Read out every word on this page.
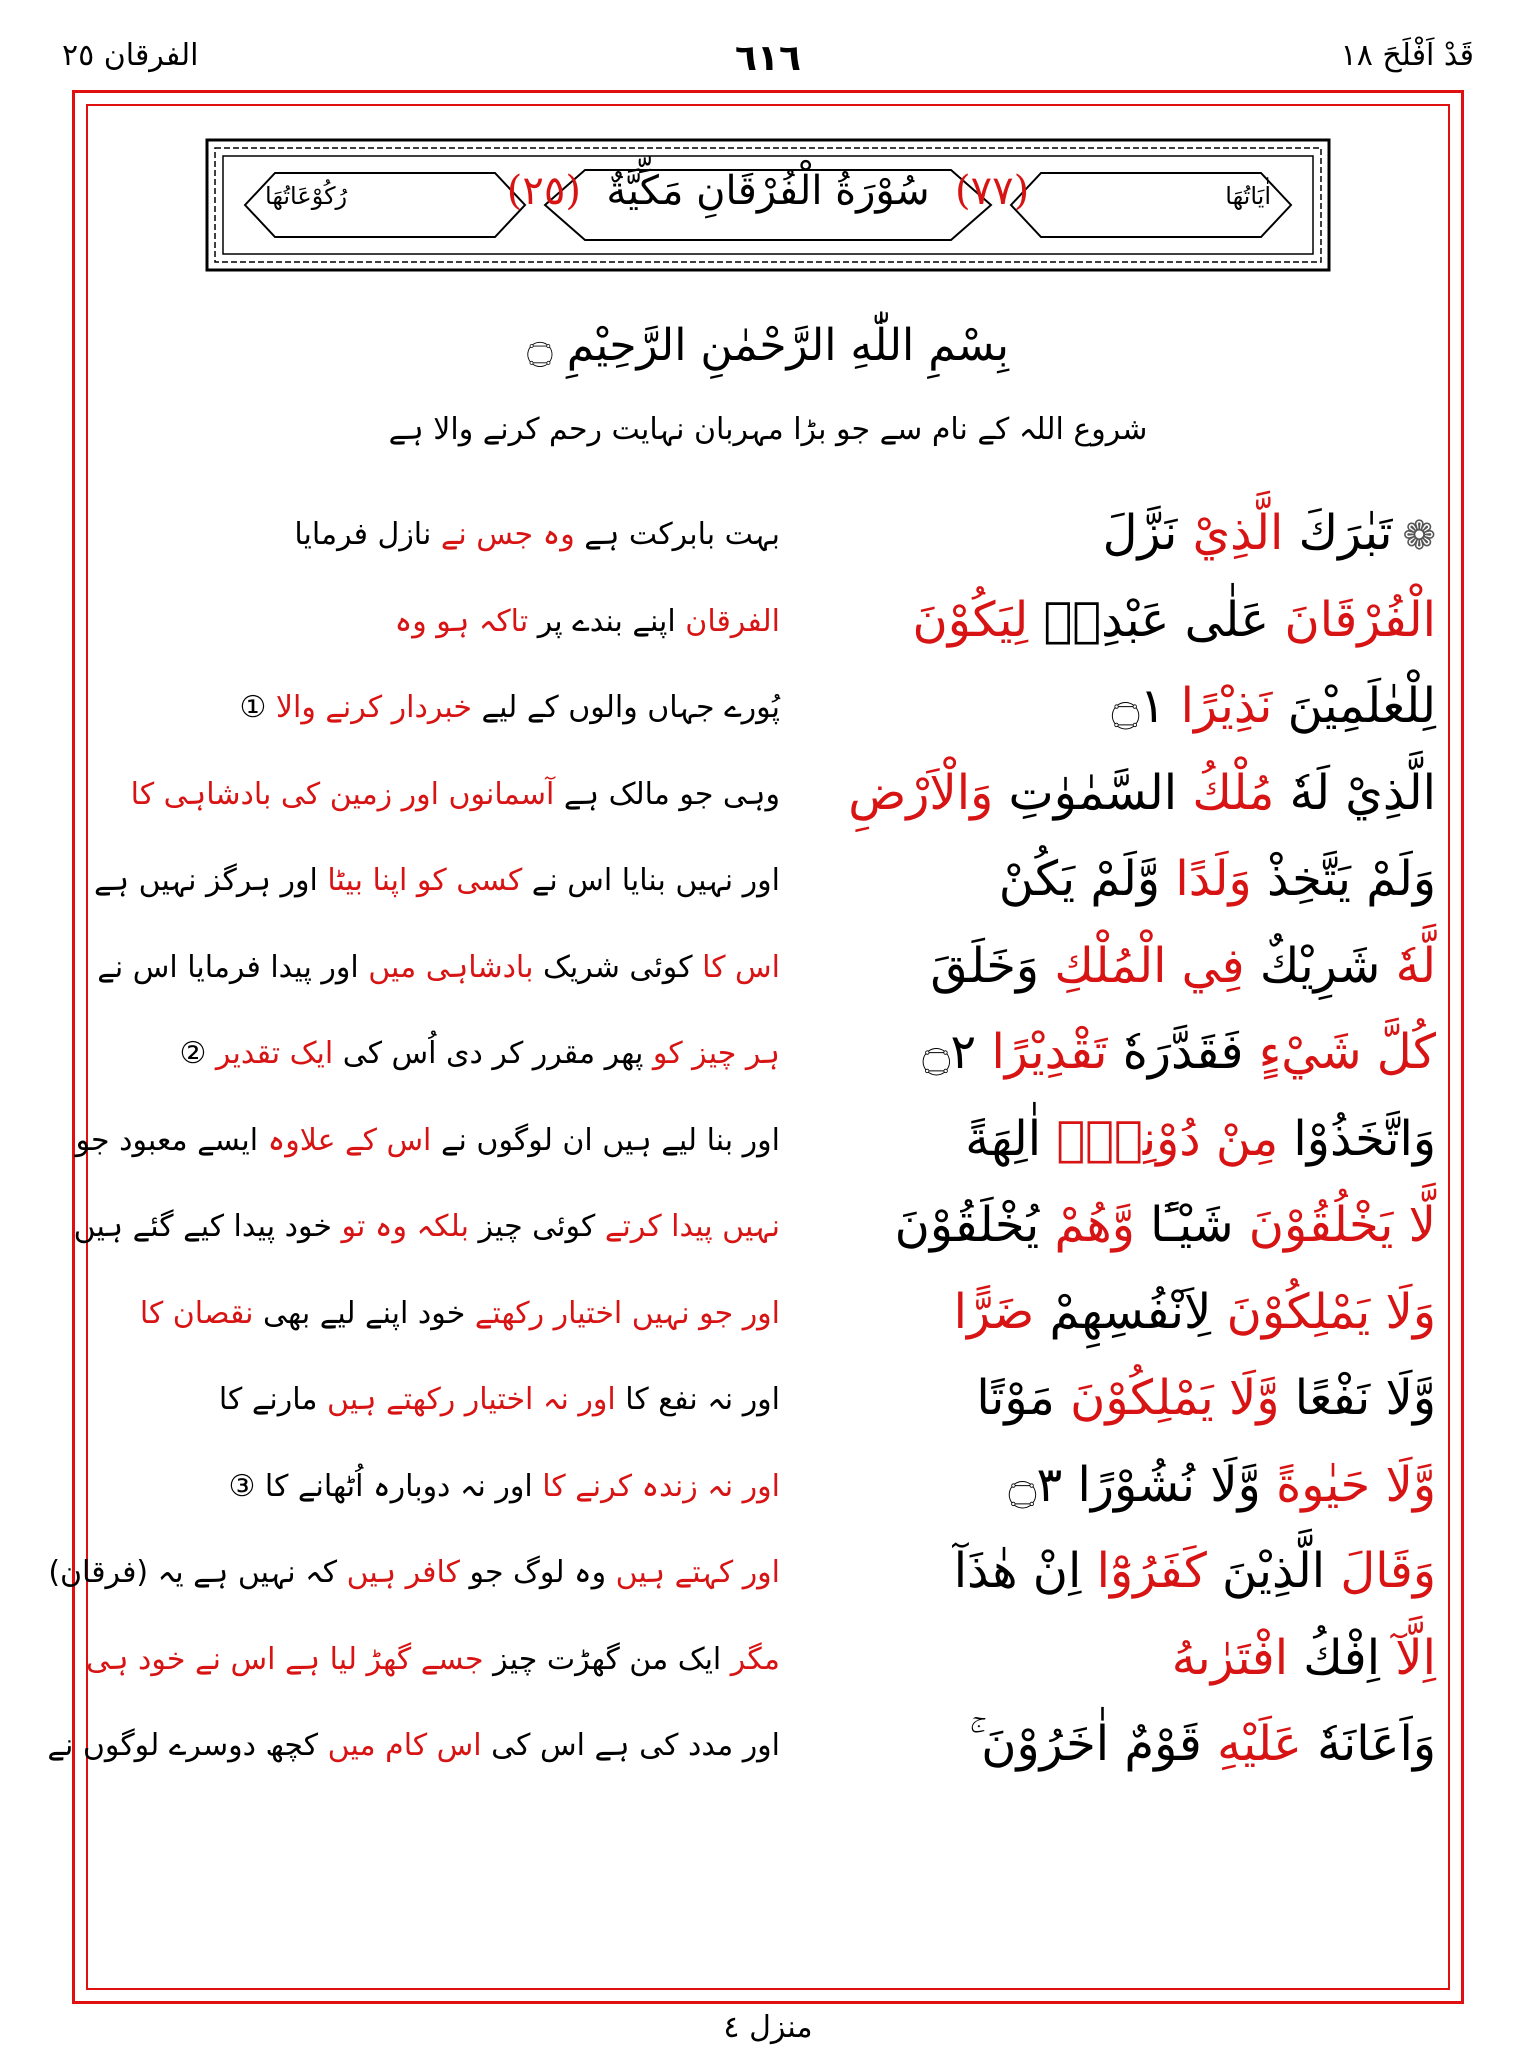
قَدْ اَفْلَحَ ١٨
٦١٦
الفرقان ٢٥
(٧٧)  سُوْرَةُ الْفُرْقَانِ مَكِّيَّةٌ  (٢٥)
رُكُوْعَاتُهَا	اٰيَاتُهَا
بِسْمِ اللّٰهِ الرَّحْمٰنِ الرَّحِيْمِ ۝
شروع اللہ کے نام سے جو بڑا مہربان نہایت رحم کرنے والا ہے
❁تَبٰرَكَ الَّذِيْ نَزَّلَ
بہت بابرکت ہے وہ جس نے نازل فرمایا
الْفُرْقَانَ عَلٰى عَبْدِهٖ لِيَكُوْنَ
الفرقان اپنے بندے پر تاکہ ہو وہ
لِلْعٰلَمِيْنَ نَذِيْرًا ۝١
پُورے جہاں والوں کے لیے خبردار کرنے والا ①
الَّذِيْ لَهٗ مُلْكُ السَّمٰوٰتِ وَالْاَرْضِ
وہی جو مالک ہے آسمانوں اور زمین کی بادشاہی کا
وَلَمْ يَتَّخِذْ وَلَدًا وَّلَمْ يَكُنْ
اور نہیں بنایا اس نے کسی کو اپنا بیٹا اور ہرگز نہیں ہے
لَّهٗ شَرِيْكٌ فِي الْمُلْكِ وَخَلَقَ
اس کا کوئی شریک بادشاہی میں اور پیدا فرمایا اس نے
كُلَّ شَيْءٍ فَقَدَّرَهٗ تَقْدِيْرًا ۝٢
ہر چیز کو پھر مقرر کر دی اُس کی ایک تقدیر ②
وَاتَّخَذُوْا مِنْ دُوْنِهٖٓ اٰلِهَةً
اور بنا لیے ہیں ان لوگوں نے اس کے علاوہ ایسے معبود جو
لَّا يَخْلُقُوْنَ شَيْـًٔا وَّهُمْ يُخْلَقُوْنَ
نہیں پیدا کرتے کوئی چیز بلکہ وہ تو خود پیدا کیے گئے ہیں
وَلَا يَمْلِكُوْنَ لِاَنْفُسِهِمْ ضَرًّا
اور جو نہیں اختیار رکھتے خود اپنے لیے بھی نقصان کا
وَّلَا نَفْعًا وَّلَا يَمْلِكُوْنَ مَوْتًا
اور نہ نفع کا اور نہ اختیار رکھتے ہیں مارنے کا
وَّلَا حَيٰوةً وَّلَا نُشُوْرًا ۝٣
اور نہ زندہ کرنے کا اور نہ دوبارہ اُٹھانے کا ③
وَقَالَ الَّذِيْنَ كَفَرُوْٓا اِنْ هٰذَآ
اور کہتے ہیں وہ لوگ جو کافر ہیں کہ نہیں ہے یہ (فرقان)
اِلَّآ اِفْكُ افْتَرٰىهُ
مگر ایک من گھڑت چیز جسے گھڑ لیا ہے اس نے خود ہی
وَاَعَانَهٗ عَلَيْهِ قَوْمٌ اٰخَرُوْنَ ۚ
اور مدد کی ہے اس کی اس کام میں کچھ دوسرے لوگوں نے
منزل ٤
